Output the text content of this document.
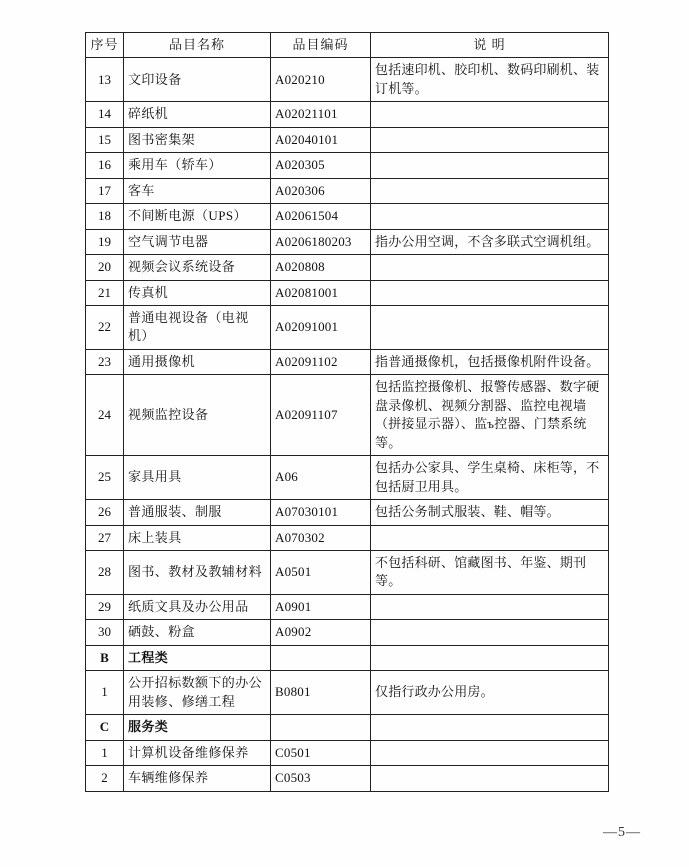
序号	品目名称	品目编码	说 明
13	文印设备	A020210	包括速印机、胶印机、数码印刷机、装订机等。
14	碎纸机	A02021101	
15	图书密集架	A02040101	
16	乘用车（轿车）	A020305	
17	客车	A020306	
18	不间断电源（UPS）	A02061504	
19	空气调节电器	A0206180203	指办公用空调，不含多联式空调机组。
20	视频会议系统设备	A020808	
21	传真机	A02081001	
22	普通电视设备（电视机）	A02091001	
23	通用摄像机	A02091102	指普通摄像机，包括摄像机附件设备。
24	视频监控设备	A02091107	包括监控摄像机、报警传感器、数字硬盘录像机、视频分割器、监控电视墙（拼接显示器）、监ъ控器、门禁系统等。
25	家具用具	A06	包括办公家具、学生桌椅、床柜等，不包括厨卫用具。
26	普通服装、制服	A07030101	包括公务制式服装、鞋、帽等。
27	床上装具	A070302	
28	图书、教材及教辅材料	A0501	不包括科研、馆藏图书、年鉴、期刊等。
29	纸质文具及办公用品	A0901	
30	硒鼓、粉盒	A0902	
B	工程类		
1	公开招标数额下的办公用装修、修缮工程	B0801	仅指行政办公用房。
C	服务类		
1	计算机设备维修保养	C0501	
2	车辆维修保养	C0503	
—5—
